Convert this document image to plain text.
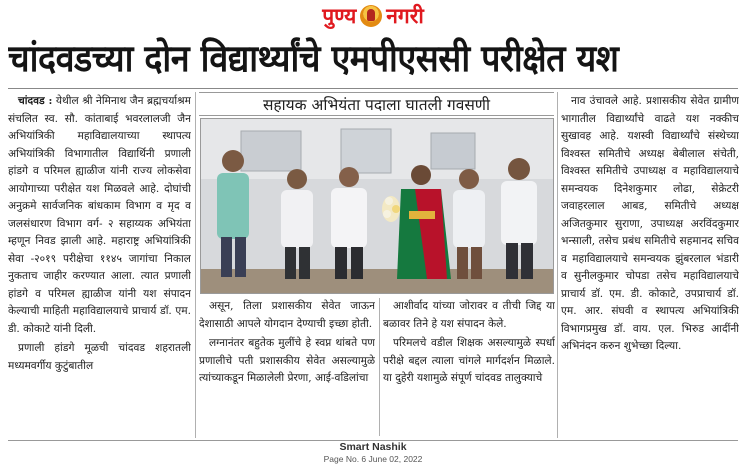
पुण्य नगरी
चांदवडच्या दोन विद्यार्थ्यांचे एमपीएससी परीक्षेत यश

चांदवड : येथील श्री नेमिनाथ जैन ब्रह्मचर्याश्रम संचलित स्व. सौ. कांताबाई भवरलालजी जैन अभियांत्रिकी महाविद्यालयाच्या स्थापत्य अभियांत्रिकी विभागातील विद्यार्थिनी प्रणाली हांडगे व परिमल ह्याळीज यांनी राज्य लोकसेवा आयोगाच्या परीक्षेत यश मिळवले आहे. दोघांची अनुक्रमे सार्वजनिक बांधकाम विभाग व मृद व जलसंधारण विभाग वर्ग- २ सहाय्यक अभियंता म्हणून निवड झाली आहे. महाराष्ट्र अभियांत्रिकी सेवा -२०१९ परीक्षेचा ११४५ जागांचा निकाल नुकताच जाहीर करण्यात आला. त्यात प्रणाली हांडगे व परिमल ह्याळीज यांनी यश संपादन केल्याची माहिती महाविद्यालयाचे प्राचार्य डॉ. एम. डी. कोकाटे यांनी दिली.

प्रणाली हांडगे मूळची चांदवड शहरातली मध्यमवर्गीय कुटुंबातील

सहायक अभियंता पदाला घातली गवसणी

असून, तिला प्रशासकीय सेवेत जाऊन देशासाठी आपले योगदान देण्याची इच्छा होती.

लग्नानंतर बहुतेक मुलींचे हे स्वप्न थांबते पण प्रणालीचे पती प्रशासकीय सेवेत असल्यामुळे त्यांच्याकडून मिळालेली प्रेरणा, आई-वडिलांचा

आशीर्वाद यांच्या जोरावर व तीची जिद्द या बळावर तिने हे यश संपादन केले.

परिमलचे वडील शिक्षक असल्यामुळे स्पर्धा परीक्षे बद्दल त्याला चांगले मार्गदर्शन मिळाले. या दुहेरी यशामुळे संपूर्ण चांदवड तालुक्याचे

नाव उंचावले आहे. प्रशासकीय सेवेत ग्रामीण भागातील विद्यार्थ्यांचे वाढते यश नक्कीच सुखावह आहे. यशस्वी विद्यार्थ्यांचे संस्थेच्या विश्वस्त समितीचे अध्यक्ष बेबीलाल संचेती, विश्वस्त समितीचे उपाध्यक्ष व महाविद्यालयाचे समन्वयक दिनेशकुमार लोढा, सेक्रेटरी जवाहरलाल आबड, समितीचे अध्यक्ष अजितकुमार सुराणा, उपाध्यक्ष अरविंदकुमार भन्साली, तसेच प्रबंध समितीचे सहमानद सचिव व महाविद्यालयाचे समन्वयक झुंबरलाल भंडारी व सुनीलकुमार चोपडा तसेच महाविद्यालयाचे प्राचार्य डॉ. एम. डी. कोकाटे, उपप्राचार्य डॉ. एम. आर. संघवी व स्थापत्य अभियांत्रिकी विभागप्रमुख डॉ. वाय. एल. भिरुड आदींनी अभिनंदन करुन शुभेच्छा दिल्या.

Smart Nashik
Page No. 6 June 02, 2022
